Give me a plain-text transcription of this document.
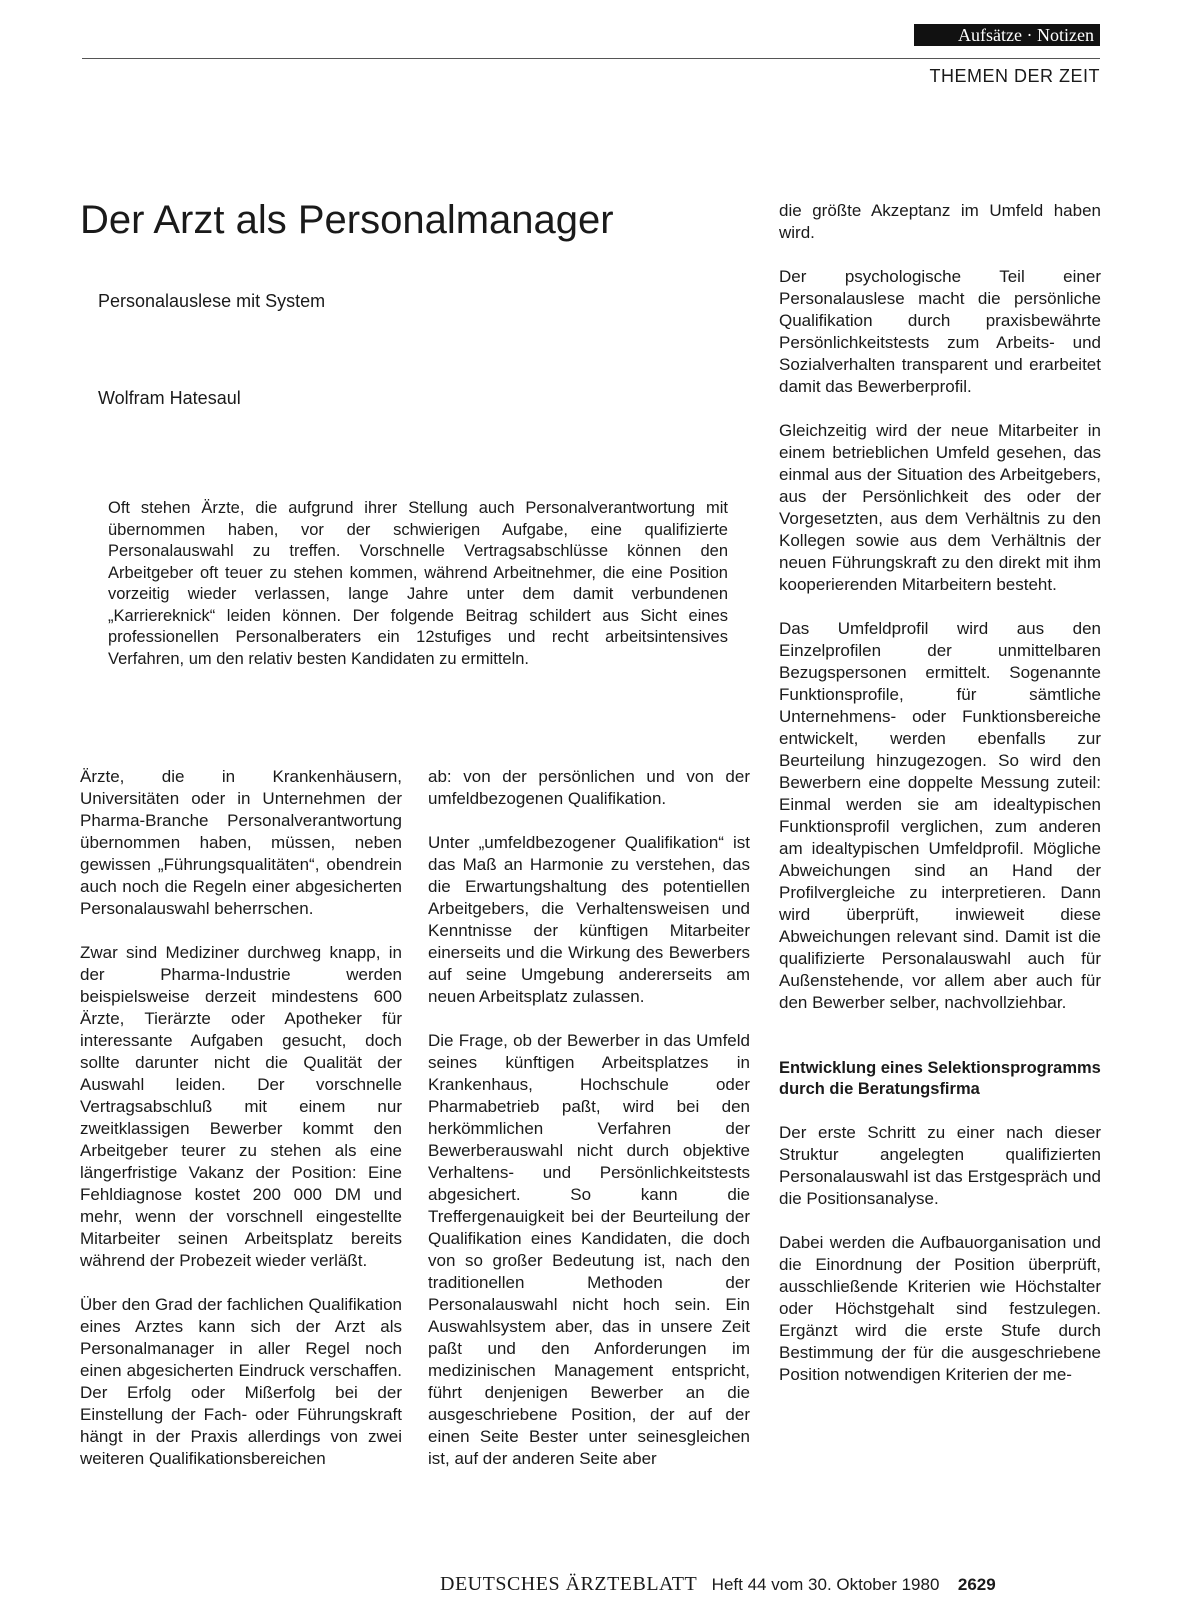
Aufsätze · Notizen
THEMEN DER ZEIT
Der Arzt als Personalmanager
Personalauslese mit System
Wolfram Hatesaul
Oft stehen Ärzte, die aufgrund ihrer Stellung auch Personalverantwortung mit übernommen haben, vor der schwierigen Aufgabe, eine qualifizierte Personalauswahl zu treffen. Vorschnelle Vertragsabschlüsse können den Arbeitgeber oft teuer zu stehen kommen, während Arbeitnehmer, die eine Position vorzeitig wieder verlassen, lange Jahre unter dem damit verbundenen „Karriereknick“ leiden können. Der folgende Beitrag schildert aus Sicht eines professionellen Personalberaters ein 12stufiges und recht arbeitsintensives Verfahren, um den relativ besten Kandidaten zu ermitteln.

Ärzte, die in Krankenhäusern, Universitäten oder in Unternehmen der Pharma-Branche Personalverantwortung übernommen haben, müssen, neben gewissen „Führungsqualitäten“, obendrein auch noch die Regeln einer abgesicherten Personalauswahl beherrschen.

Zwar sind Mediziner durchweg knapp, in der Pharma-Industrie werden beispielsweise derzeit mindestens 600 Ärzte, Tierärzte oder Apotheker für interessante Aufgaben gesucht, doch sollte darunter nicht die Qualität der Auswahl leiden. Der vorschnelle Vertragsabschluß mit einem nur zweitklassigen Bewerber kommt den Arbeitgeber teurer zu stehen als eine längerfristige Vakanz der Position: Eine Fehldiagnose kostet 200 000 DM und mehr, wenn der vorschnell eingestellte Mitarbeiter seinen Arbeitsplatz bereits während der Probezeit wieder verläßt.

Über den Grad der fachlichen Qualifikation eines Arztes kann sich der Arzt als Personalmanager in aller Regel noch einen abgesicherten Eindruck verschaffen. Der Erfolg oder Mißerfolg bei der Einstellung der Fach- oder Führungskraft hängt in der Praxis allerdings von zwei weiteren Qualifikationsbereichen

ab: von der persönlichen und von der umfeldbezogenen Qualifikation.

Unter „umfeldbezogener Qualifikation“ ist das Maß an Harmonie zu verstehen, das die Erwartungshaltung des potentiellen Arbeitgebers, die Verhaltensweisen und Kenntnisse der künftigen Mitarbeiter einerseits und die Wirkung des Bewerbers auf seine Umgebung andererseits am neuen Arbeitsplatz zulassen.

Die Frage, ob der Bewerber in das Umfeld seines künftigen Arbeitsplatzes in Krankenhaus, Hochschule oder Pharmabetrieb paßt, wird bei den herkömmlichen Verfahren der Bewerberauswahl nicht durch objektive Verhaltens- und Persönlichkeitstests abgesichert. So kann die Treffergenauigkeit bei der Beurteilung der Qualifikation eines Kandidaten, die doch von so großer Bedeutung ist, nach den traditionellen Methoden der Personalauswahl nicht hoch sein. Ein Auswahlsystem aber, das in unsere Zeit paßt und den Anforderungen im medizinischen Management entspricht, führt denjenigen Bewerber an die ausgeschriebene Position, der auf der einen Seite Bester unter seinesgleichen ist, auf der anderen Seite aber

die größte Akzeptanz im Umfeld haben wird.

Der psychologische Teil einer Personalauslese macht die persönliche Qualifikation durch praxisbewährte Persönlichkeitstests zum Arbeits- und Sozialverhalten transparent und erarbeitet damit das Bewerberprofil.

Gleichzeitig wird der neue Mitarbeiter in einem betrieblichen Umfeld gesehen, das einmal aus der Situation des Arbeitgebers, aus der Persönlichkeit des oder der Vorgesetzten, aus dem Verhältnis zu den Kollegen sowie aus dem Verhältnis der neuen Führungskraft zu den direkt mit ihm kooperierenden Mitarbeitern besteht.

Das Umfeldprofil wird aus den Einzelprofilen der unmittelbaren Bezugspersonen ermittelt. Sogenannte Funktionsprofile, für sämtliche Unternehmens- oder Funktionsbereiche entwickelt, werden ebenfalls zur Beurteilung hinzugezogen. So wird den Bewerbern eine doppelte Messung zuteil: Einmal werden sie am idealtypischen Funktionsprofil verglichen, zum anderen am idealtypischen Umfeldprofil. Mögliche Abweichungen sind an Hand der Profilvergleiche zu interpretieren. Dann wird überprüft, inwieweit diese Abweichungen relevant sind. Damit ist die qualifizierte Personalauswahl auch für Außenstehende, vor allem aber auch für den Bewerber selber, nachvollziehbar.

Entwicklung eines Selektionsprogramms durch die Beratungsfirma

Der erste Schritt zu einer nach dieser Struktur angelegten qualifizierten Personalauswahl ist das Erstgespräch und die Positionsanalyse.

Dabei werden die Aufbauorganisation und die Einordnung der Position überprüft, ausschließende Kriterien wie Höchstalter oder Höchstgehalt sind festzulegen. Ergänzt wird die erste Stufe durch Bestimmung der für die ausgeschriebene Position notwendigen Kriterien der me-

DEUTSCHES ÄRZTEBLATT Heft 44 vom 30. Oktober 1980 2629
